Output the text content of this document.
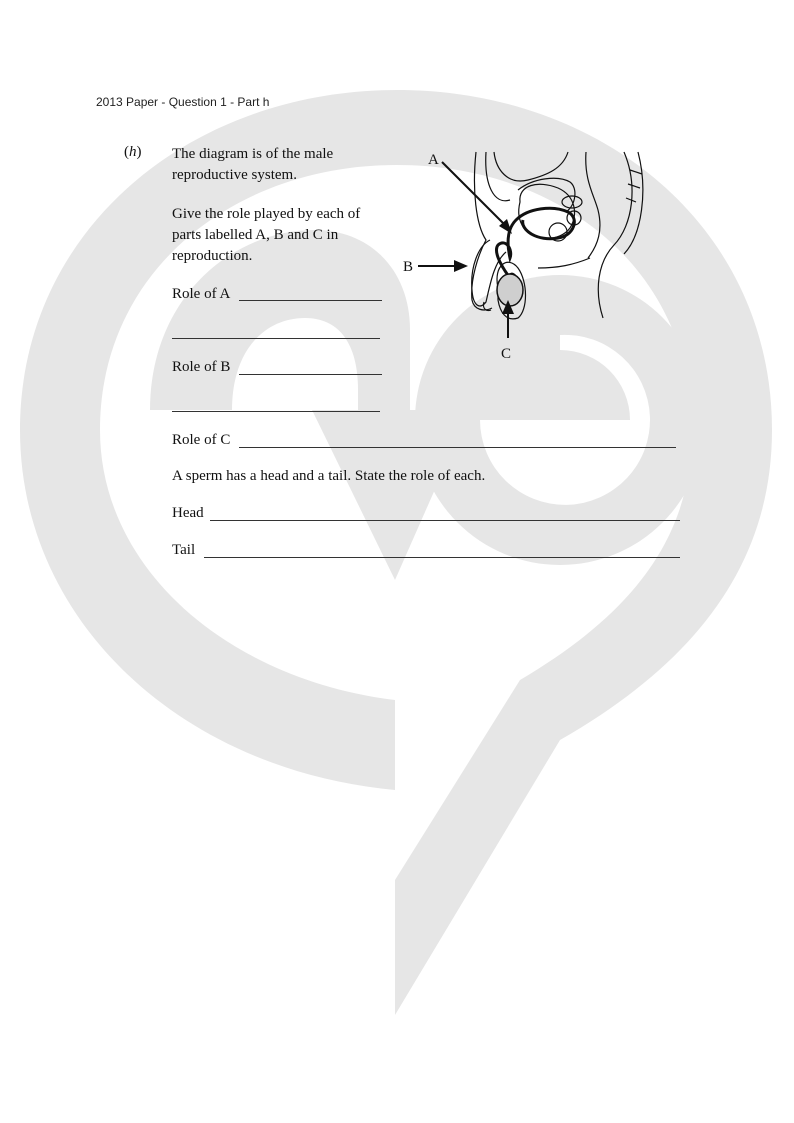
2013 Paper - Question 1 - Part h
(h) The diagram is of the male reproductive system.

Give the role played by each of parts labelled A, B and C in reproduction.

Role of A
Role of B
Role of C
A sperm has a head and a tail. State the role of each.
Head
Tail
A
B
C
